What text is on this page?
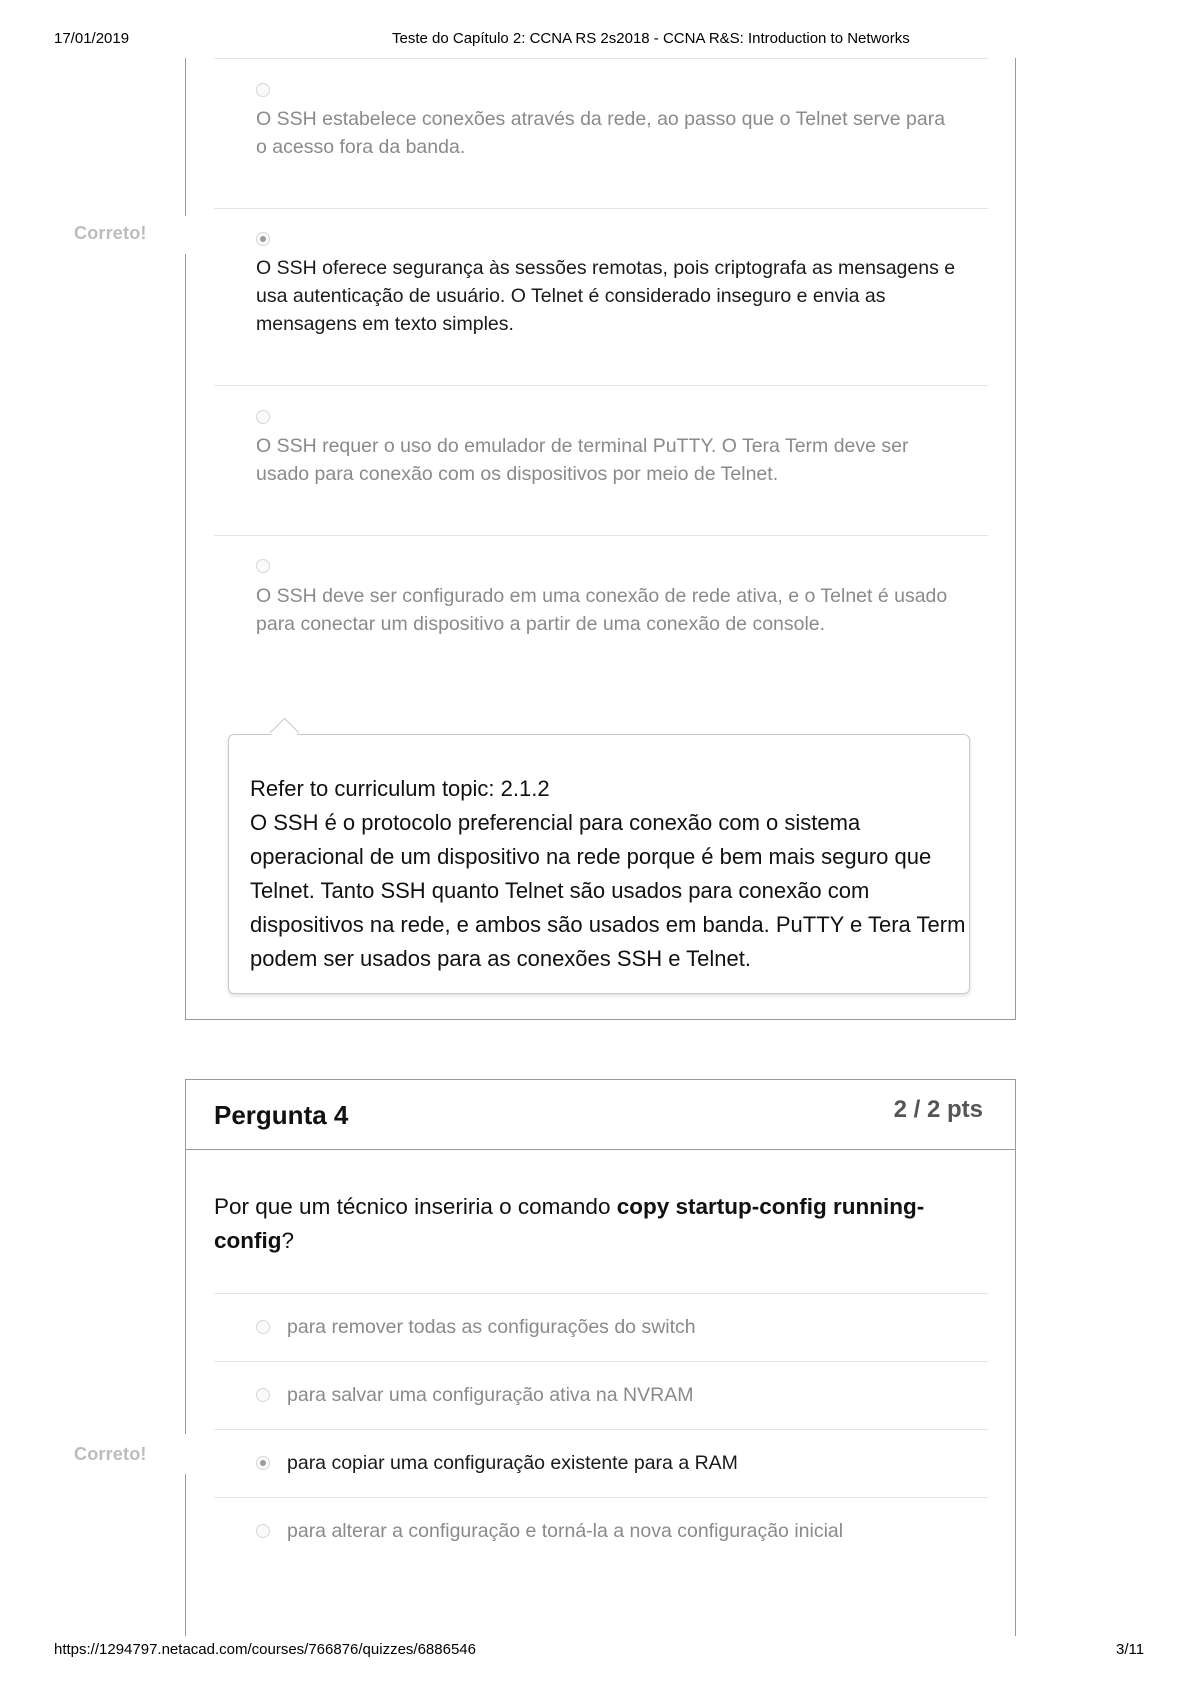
17/01/2019	Teste do Capítulo 2: CCNA RS 2s2018 - CCNA R&S: Introduction to Networks
https://1294797.netacad.com/courses/766876/quizzes/6886546	3/11
O SSH estabelece conexões através da rede, ao passo que o Telnet serve para o acesso fora da banda.
Correto!
O SSH oferece segurança às sessões remotas, pois criptografa as mensagens e usa autenticação de usuário. O Telnet é considerado inseguro e envia as mensagens em texto simples.
O SSH requer o uso do emulador de terminal PuTTY. O Tera Term deve ser usado para conexão com os dispositivos por meio de Telnet.
O SSH deve ser configurado em uma conexão de rede ativa, e o Telnet é usado para conectar um dispositivo a partir de uma conexão de console.

Refer to curriculum topic: 2.1.2

O SSH é o protocolo preferencial para conexão com o sistema operacional de um dispositivo na rede porque é bem mais seguro que Telnet. Tanto SSH quanto Telnet são usados para conexão com dispositivos na rede, e ambos são usados em banda. PuTTY e Tera Term podem ser usados para as conexões SSH e Telnet.

Pergunta 4	2 / 2 pts
Por que um técnico inseriria o comando copy startup-config running-config?
para remover todas as configurações do switch
para salvar uma configuração ativa na NVRAM
Correto!	para copiar uma configuração existente para a RAM
para alterar a configuração e torná-la a nova configuração inicial
